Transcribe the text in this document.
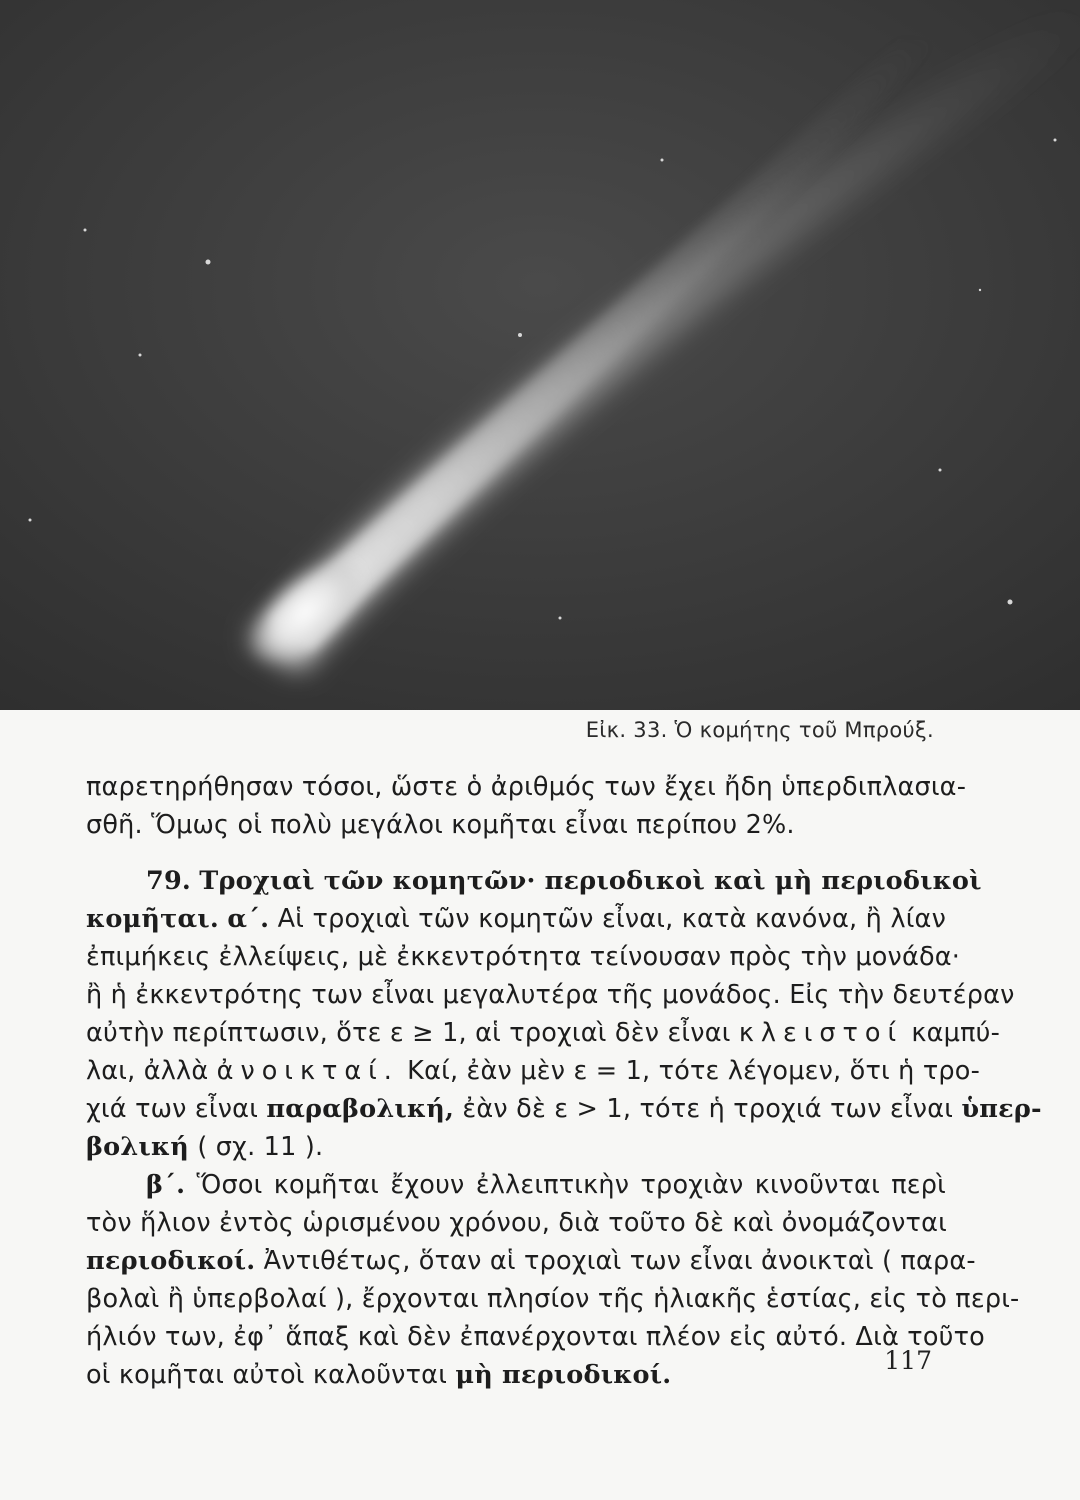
Εἰκ. 33. Ὁ κομήτης τοῦ Μπρούξ.
παρετηρήθησαν τόσοι, ὥστε ὁ ἀριθμός των ἔχει ἤδη ὑπερδιπλασια-
σθῆ. Ὅμως οἱ πολὺ μεγάλοι κομῆται εἶναι περίπου 2%.
79. Τροχιαὶ τῶν κομητῶν· περιοδικοὶ καὶ μὴ περιοδικοὶ
κομῆται. α΄. Αἱ τροχιαὶ τῶν κομητῶν εἶναι, κατὰ κανόνα, ἢ λίαν
ἐπιμήκεις ἐλλείψεις, μὲ ἐκκεντρότητα τείνουσαν πρὸς τὴν μονάδα·
ἢ ἡ ἐκκεντρότης των εἶναι μεγαλυτέρα τῆς μονάδος. Εἰς τὴν δευτέραν
αὐτὴν περίπτωσιν, ὅτε ε ≥ 1, αἱ τροχιαὶ δὲν εἶναι κλειστοί καμπύ-
λαι, ἀλλὰ ἀνοικταί. Καί, ἐὰν μὲν ε = 1, τότε λέγομεν, ὅτι ἡ τρο-
χιά των εἶναι παραβολική, ἐὰν δὲ ε > 1, τότε ἡ τροχιά των εἶναι ὑπερ-
βολική ( σχ. 11 ).
β΄. Ὅσοι κομῆται ἔχουν ἐλλειπτικὴν τροχιὰν κινοῦνται περὶ
τὸν ἥλιον ἐντὸς ὡρισμένου χρόνου, διὰ τοῦτο δὲ καὶ ὀνομάζονται
περιοδικοί. Ἀντιθέτως, ὅταν αἱ τροχιαὶ των εἶναι ἀνοικταὶ ( παρα-
βολαὶ ἢ ὑπερβολαί ), ἔρχονται πλησίον τῆς ἡλιακῆς ἑστίας, εἰς τὸ περι-
ήλιόν των, ἐφ᾽ ἅπαξ καὶ δὲν ἐπανέρχονται πλέον εἰς αὐτό. Διὰ τοῦτο
οἱ κομῆται αὐτοὶ καλοῦνται μὴ περιοδικοί.	117
